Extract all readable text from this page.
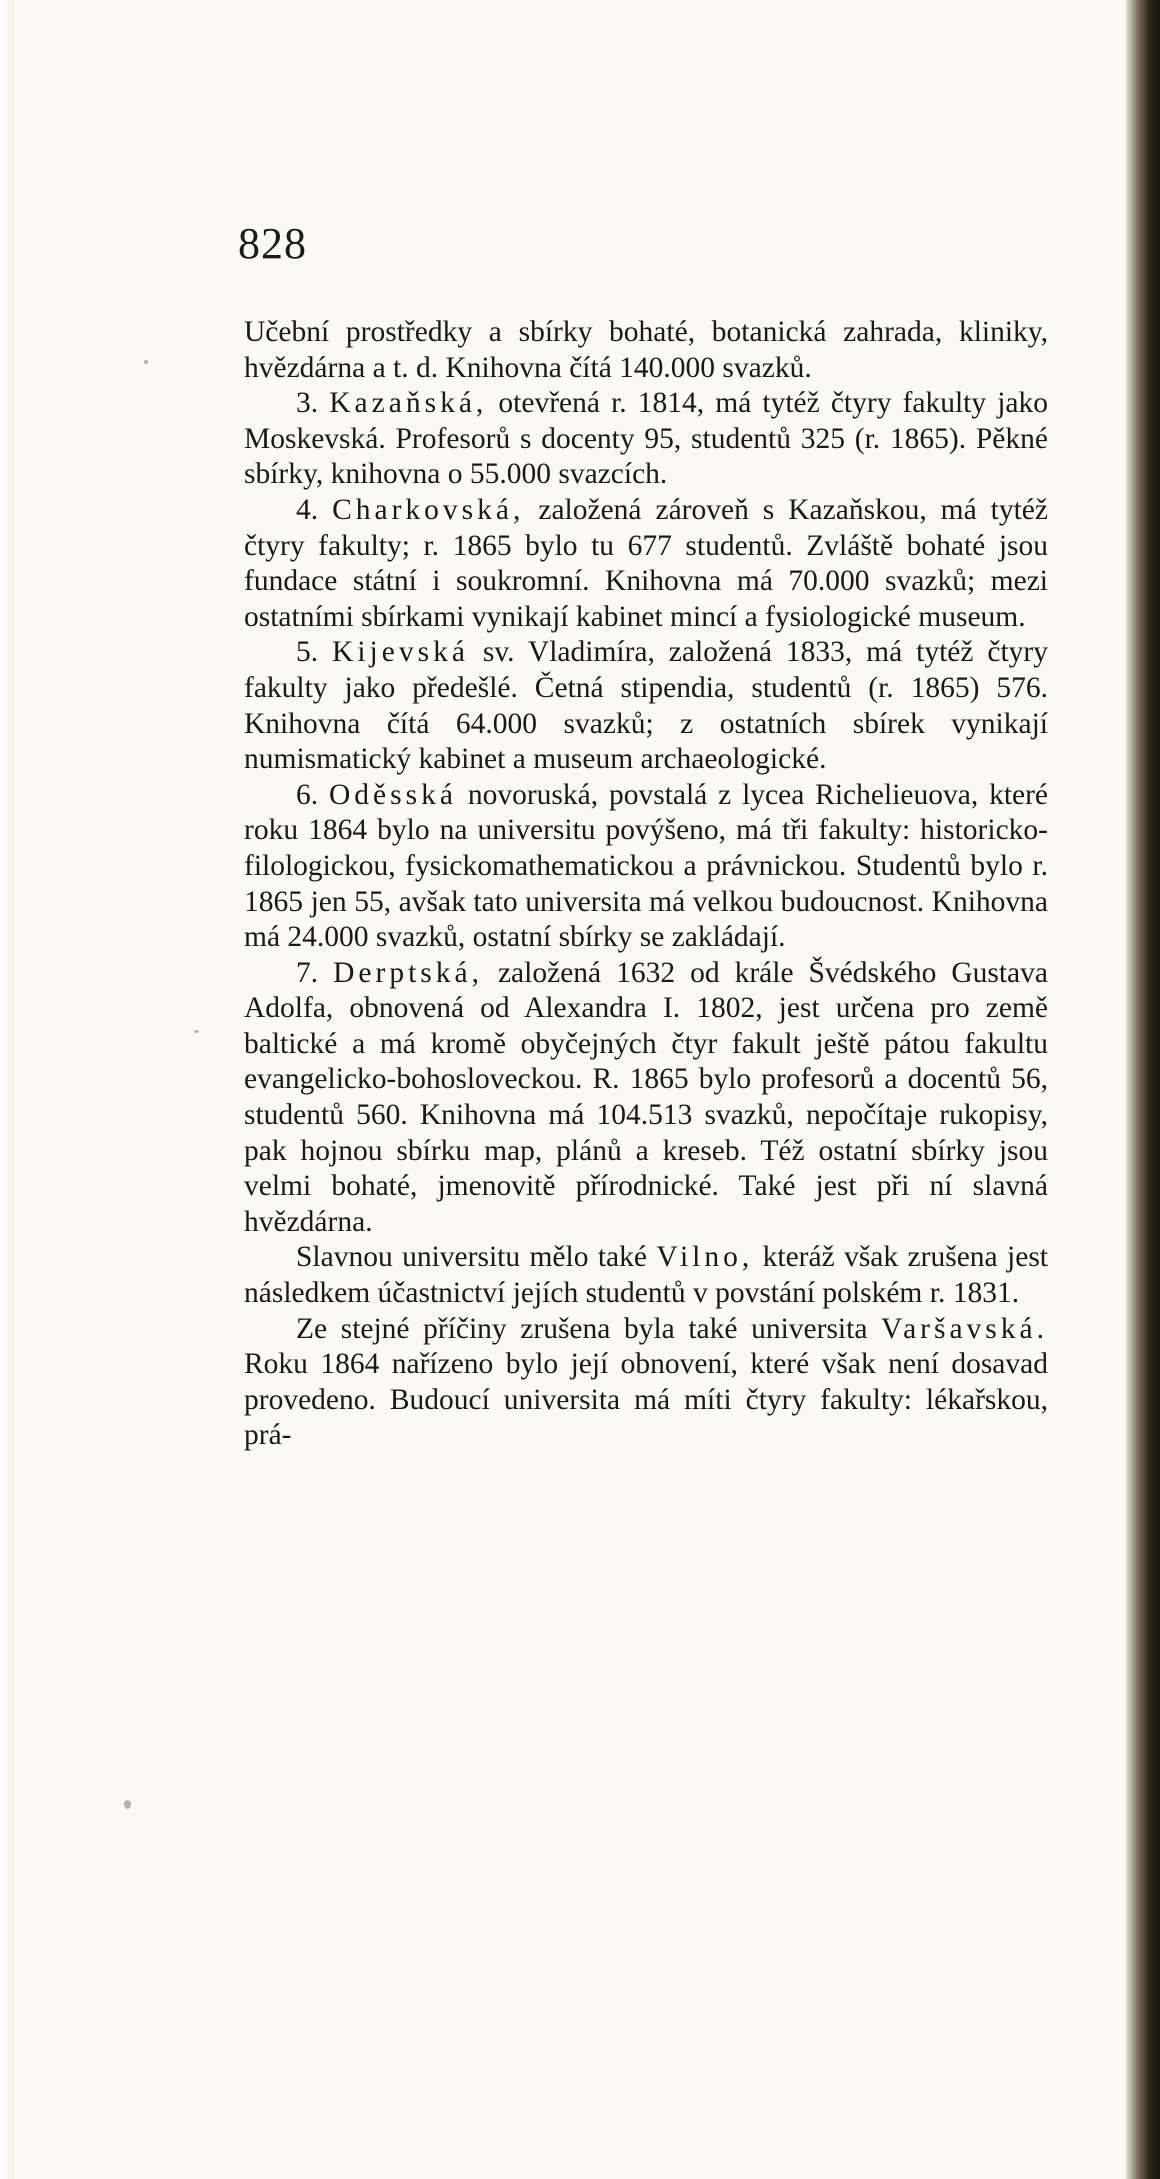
828

Učební prostředky a sbírky bohaté, botanická zahrada, kliniky, hvězdárna a t. d. Knihovna čítá 140.000 svazků.

3. Kazaňská, otevřená r. 1814, má tytéž čtyry fakulty jako Moskevská. Profesorů s docenty 95, studentů 325 (r. 1865). Pěkné sbírky, knihovna o 55.000 svazcích.

4. Charkovská, založená zároveň s Kazaňskou, má tytéž čtyry fakulty; r. 1865 bylo tu 677 studentů. Zvláště bohaté jsou fundace státní i soukromní. Knihovna má 70.000 svazků; mezi ostatními sbírkami vynikají kabinet mincí a fysiologické museum.

5. Kijevská sv. Vladimíra, založená 1833, má tytéž čtyry fakulty jako předešlé. Četná stipendia, studentů (r. 1865) 576. Knihovna čítá 64.000 svazků; z ostatních sbírek vynikají numismatický kabinet a museum archaeologické.

6. Oděsská novoruská, povstalá z lycea Richelieuova, které roku 1864 bylo na universitu povýšeno, má tři fakulty: historicko-filologickou, fysickomathematickou a právnickou. Studentů bylo r. 1865 jen 55, avšak tato universita má velkou budoucnost. Knihovna má 24.000 svazků, ostatní sbírky se zakládají.

7. Derptská, založená 1632 od krále Švédského Gustava Adolfa, obnovená od Alexandra I. 1802, jest určena pro země baltické a má kromě obyčejných čtyr fakult ještě pátou fakultu evangelicko-bohosloveckou. R. 1865 bylo profesorů a docentů 56, studentů 560. Knihovna má 104.513 svazků, nepočítaje rukopisy, pak hojnou sbírku map, plánů a kreseb. Též ostatní sbírky jsou velmi bohaté, jmenovitě přírodnické. Také jest při ní slavná hvězdárna.

Slavnou universitu mělo také Vilno, kteráž však zrušena jest následkem účastnictví jejích studentů v povstání polském r. 1831.

Ze stejné příčiny zrušena byla také universita Varšavská. Roku 1864 nařízeno bylo její obnovení, které však není dosavad provedeno. Budoucí universita má míti čtyry fakulty: lékařskou, prá-
